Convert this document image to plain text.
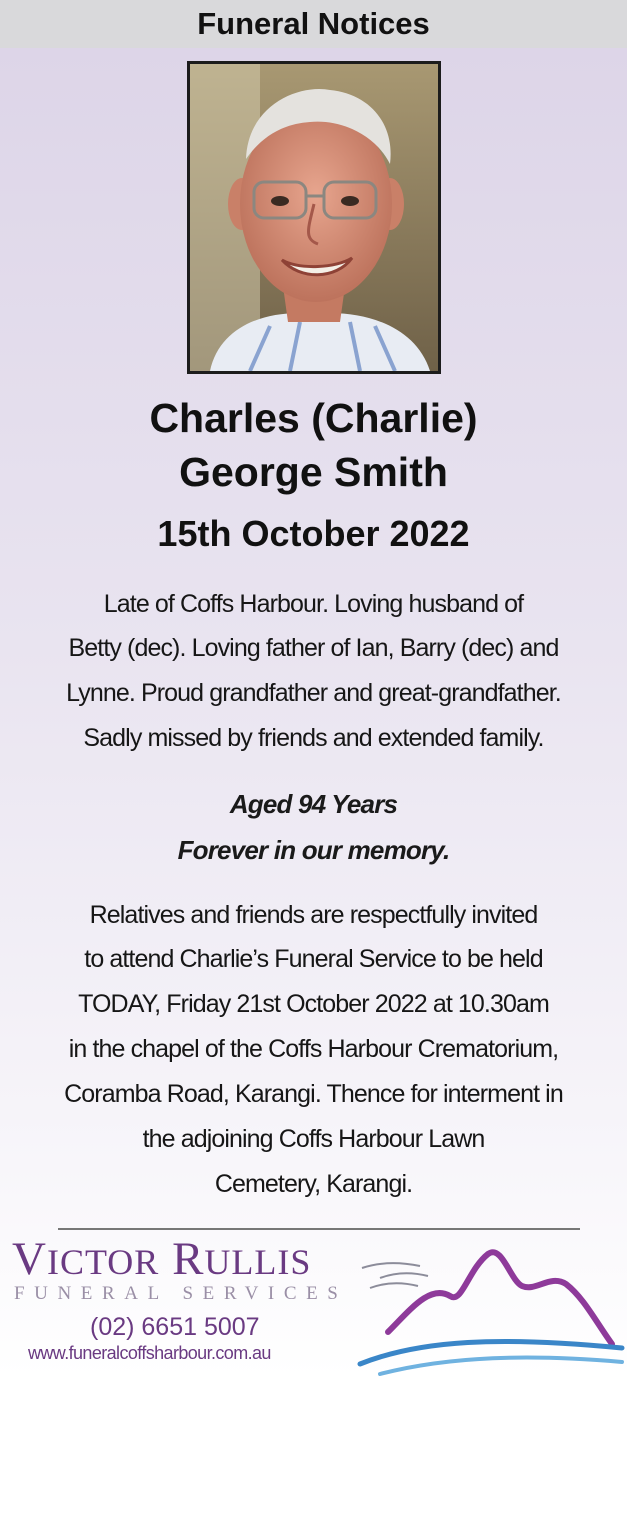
Funeral Notices
Charles (Charlie)
George Smith
15th October 2022
Late of Coffs Harbour. Loving husband of
Betty (dec). Loving father of Ian, Barry (dec) and
Lynne. Proud grandfather and great-grandfather.
Sadly missed by friends and extended family.
Aged 94 Years
Forever in our memory.
Relatives and friends are respectfully invited
to attend Charlie’s Funeral Service to be held
TODAY, Friday 21st October 2022 at 10.30am
in the chapel of the Coffs Harbour Crematorium,
Coramba Road, Karangi. Thence for interment in
the adjoining Coffs Harbour Lawn
Cemetery, Karangi.
VICTOR RULLIS
FUNERAL SERVICES
(02) 6651 5007
www.funeralcoffsharbour.com.au
